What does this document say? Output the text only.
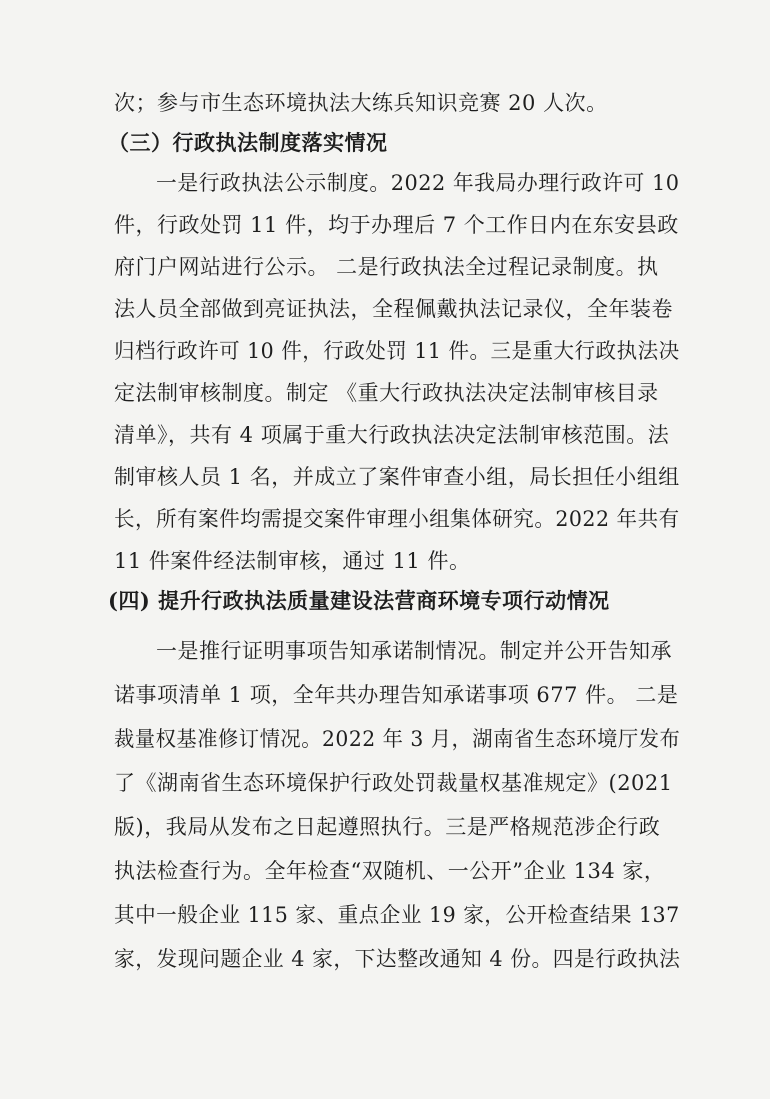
次；参与市生态环境执法大练兵知识竞赛 20 人次。
（三）行政执法制度落实情况
一是行政执法公示制度。2022 年我局办理行政许可 10
件，行政处罚 11 件，均于办理后 7 个工作日内在东安县政
府门户网站进行公示。 二是行政执法全过程记录制度。执
法人员全部做到亮证执法，全程佩戴执法记录仪，全年装卷
归档行政许可 10 件，行政处罚 11 件。三是重大行政执法决
定法制审核制度。制定 《重大行政执法决定法制审核目录
清单》，共有 4 项属于重大行政执法决定法制审核范围。法
制审核人员 1 名，并成立了案件审查小组，局长担任小组组
长，所有案件均需提交案件审理小组集体研究。2022 年共有
11 件案件经法制审核，通过 11 件。
(四) 提升行政执法质量建设法营商环境专项行动情况
一是推行证明事项告知承诺制情况。制定并公开告知承
诺事项清单 1 项，全年共办理告知承诺事项 677 件。 二是
裁量权基准修订情况。2022 年 3 月，湖南省生态环境厅发布
了《湖南省生态环境保护行政处罚裁量权基准规定》(2021
版)，我局从发布之日起遵照执行。三是严格规范涉企行政
执法检查行为。全年检查“双随机、一公开”企业 134 家，
其中一般企业 115 家、重点企业 19 家，公开检查结果 137
家，发现问题企业 4 家，下达整改通知 4 份。四是行政执法
